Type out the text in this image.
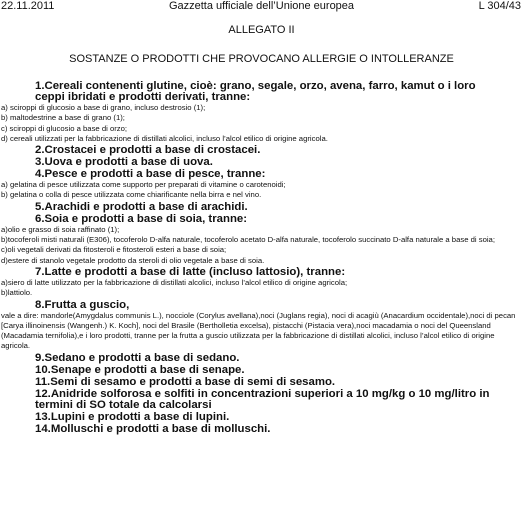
22.11.2011	Gazzetta ufficiale dell’Unione europea	L 304/43
ALLEGATO II
SOSTANZE O PRODOTTI CHE PROVOCANO ALLERGIE O INTOLLERANZE
1.Cereali contenenti glutine, cioè: grano, segale, orzo, avena, farro, kamut o i loro
ceppi ibridati e prodotti derivati, tranne:
a) sciroppi di glucosio a base di grano, incluso destrosio (1);
b) maltodestrine a base di grano (1);
c) sciroppi di glucosio a base di orzo;
d) cereali utilizzati per la fabbricazione di distillati alcolici, incluso l’alcol etilico di origine agricola.
2.Crostacei e prodotti a base di crostacei.
3.Uova e prodotti a base di uova.
4.Pesce e prodotti a base di pesce, tranne:
a) gelatina di pesce utilizzata come supporto per preparati di vitamine o carotenoidi;
b) gelatina o colla di pesce utilizzata come chiarificante nella birra e nel vino.
5.Arachidi e prodotti a base di arachidi.
6.Soia e prodotti a base di soia, tranne:
a)olio e grasso di soia raffinato (1);
b)tocoferoli misti naturali (E306), tocoferolo D-alfa naturale, tocoferolo acetato D-alfa naturale, tocoferolo succinato D-alfa naturale a base di soia;
c)oli vegetali derivati da fitosteroli e fitosteroli esteri a base di soia;
d)estere di stanolo vegetale prodotto da steroli di olio vegetale a base di soia.
7.Latte e prodotti a base di latte (incluso lattosio), tranne:
a)siero di latte utilizzato per la fabbricazione di distillati alcolici, incluso l’alcol etilico di origine agricola;
b)lattiolo.
8.Frutta a guscio,
vale a dire: mandorle(Amygdalus communis L.), nocciole (Corylus avellana),noci (Juglans regia), noci di acagiù (Anacardium occidentale),noci di pecan [Carya illinoinensis (Wangenh.) K. Koch], noci del Brasile (Bertholletia excelsa), pistacchi (Pistacia vera),noci macadamia o noci del Queensland (Macadamia ternifolia),e i loro prodotti, tranne per la frutta a guscio utilizzata per la fabbricazione di distillati alcolici, incluso l’alcol etilico di origine agricola.
9.Sedano e prodotti a base di sedano.
10.Senape e prodotti a base di senape.
11.Semi di sesamo e prodotti a base di semi di sesamo.
12.Anidride solforosa e solfiti in concentrazioni superiori a 10 mg/kg o 10 mg/litro in
termini di SO totale da calcolarsi
13.Lupini e prodotti a base di lupini.
14.Molluschi e prodotti a base di molluschi.
